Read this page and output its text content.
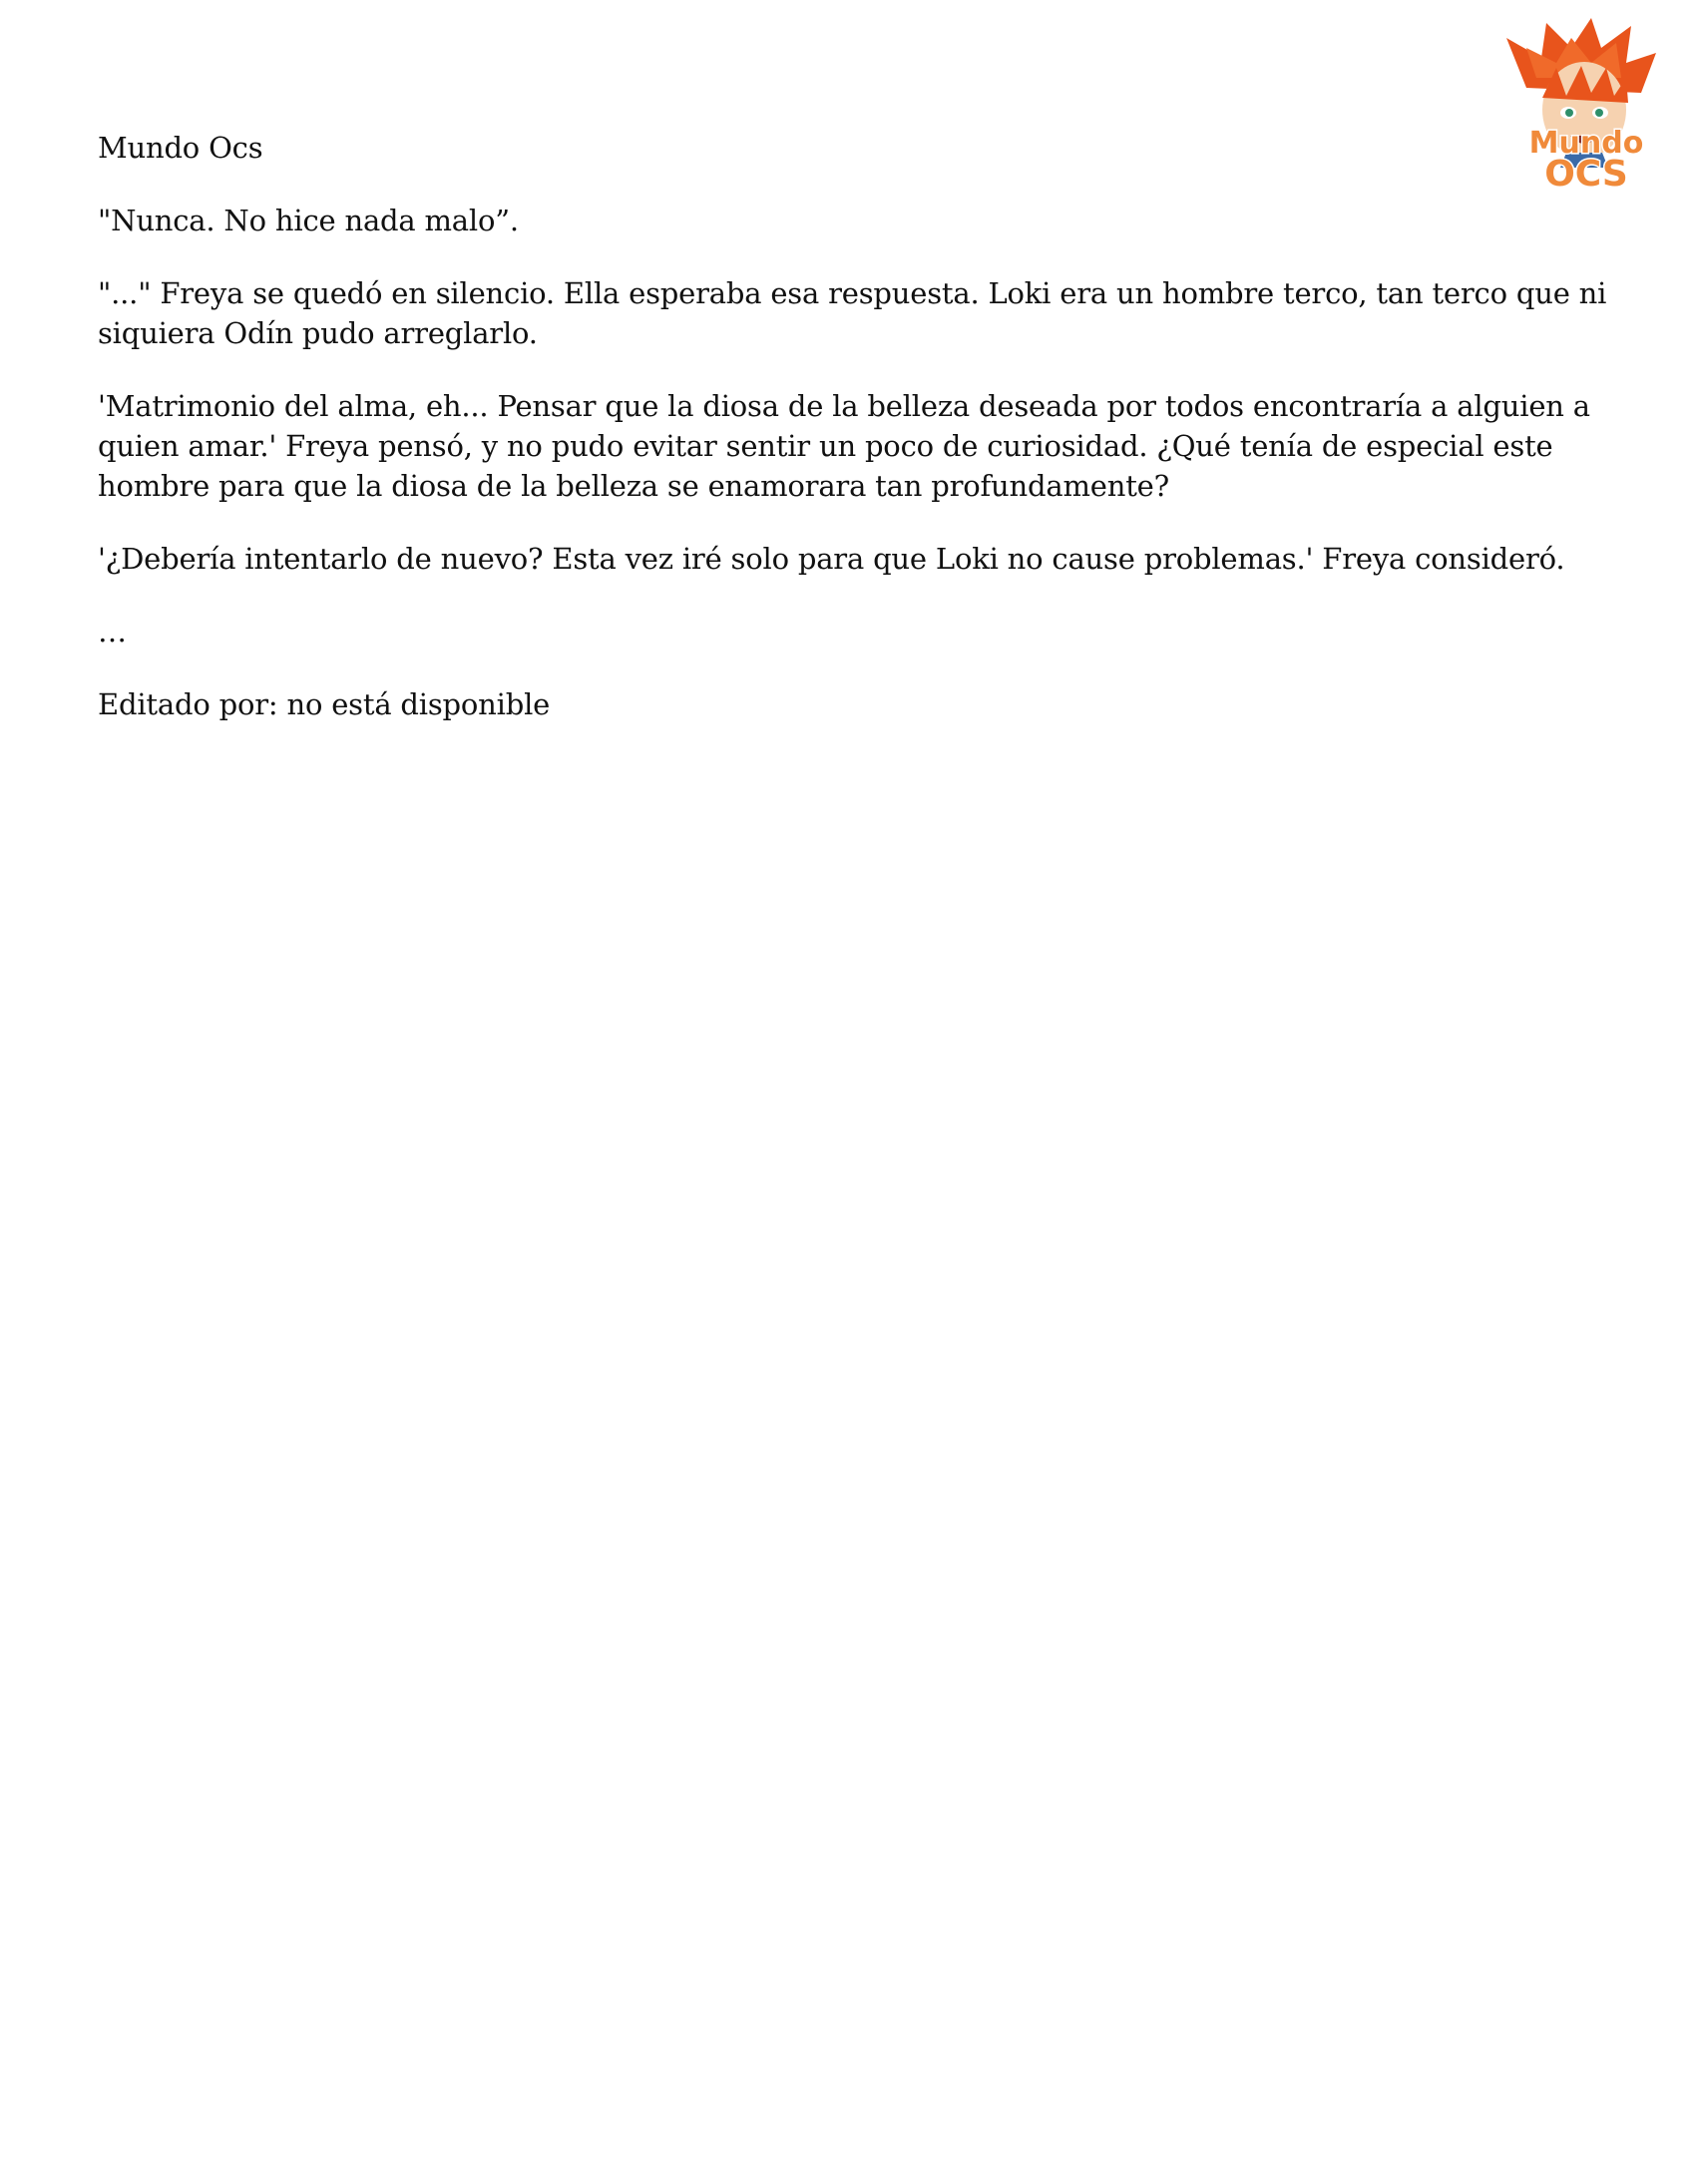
Mundo
OCS

Mundo Ocs

"Nunca. No hice nada malo”.

"..." Freya se quedó en silencio. Ella esperaba esa respuesta. Loki era un hombre terco, tan terco que ni siquiera Odín pudo arreglarlo.

'Matrimonio del alma, eh... Pensar que la diosa de la belleza deseada por todos encontraría a alguien a quien amar.' Freya pensó, y no pudo evitar sentir un poco de curiosidad. ¿Qué tenía de especial este hombre para que la diosa de la belleza se enamorara tan profundamente?

'¿Debería intentarlo de nuevo? Esta vez iré solo para que Loki no cause problemas.' Freya consideró.

…

Editado por: no está disponible
